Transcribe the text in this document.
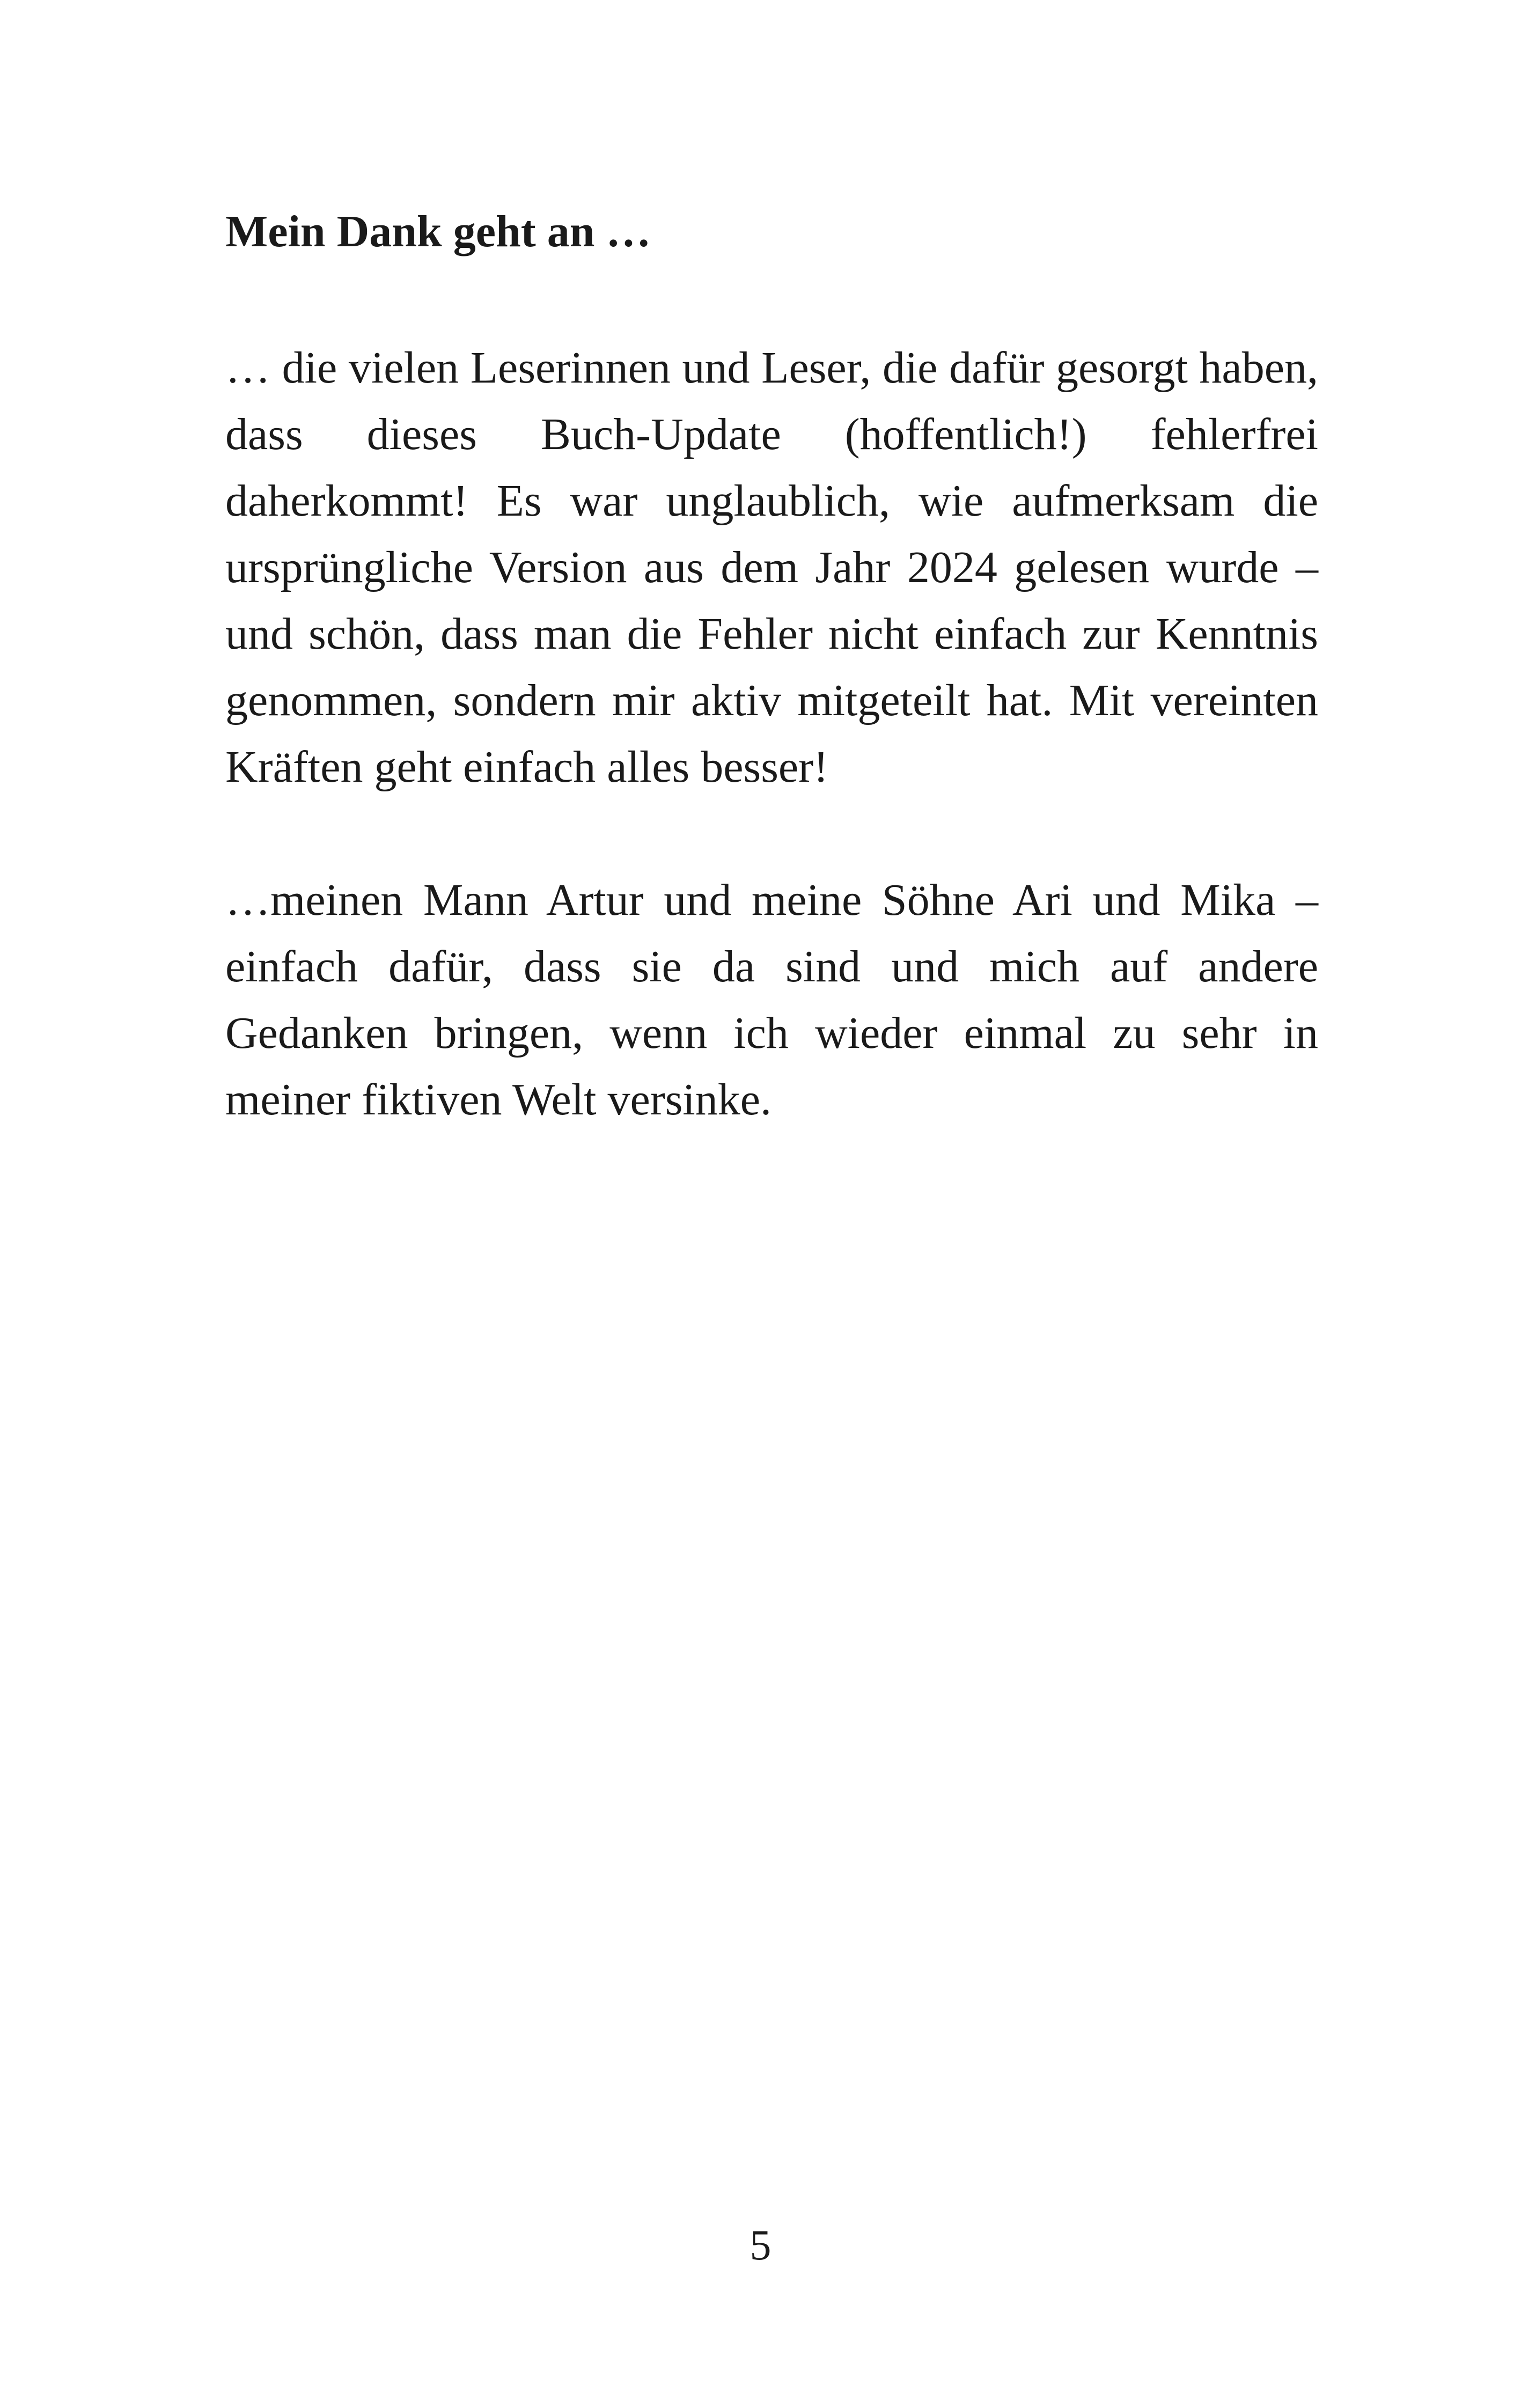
Mein Dank geht an …

… die vielen Leserinnen und Leser, die dafür gesorgt haben, dass dieses Buch-Update (hoffentlich!) fehlerfrei daherkommt! Es war unglaublich, wie aufmerksam die ursprüngliche Version aus dem Jahr 2024 gelesen wurde – und schön, dass man die Fehler nicht einfach zur Kenntnis genommen, sondern mir aktiv mitgeteilt hat. Mit vereinten Kräften geht einfach alles besser!

…meinen Mann Artur und meine Söhne Ari und Mika – einfach dafür, dass sie da sind und mich auf andere Gedanken bringen, wenn ich wieder einmal zu sehr in meiner fiktiven Welt versinke.

5
